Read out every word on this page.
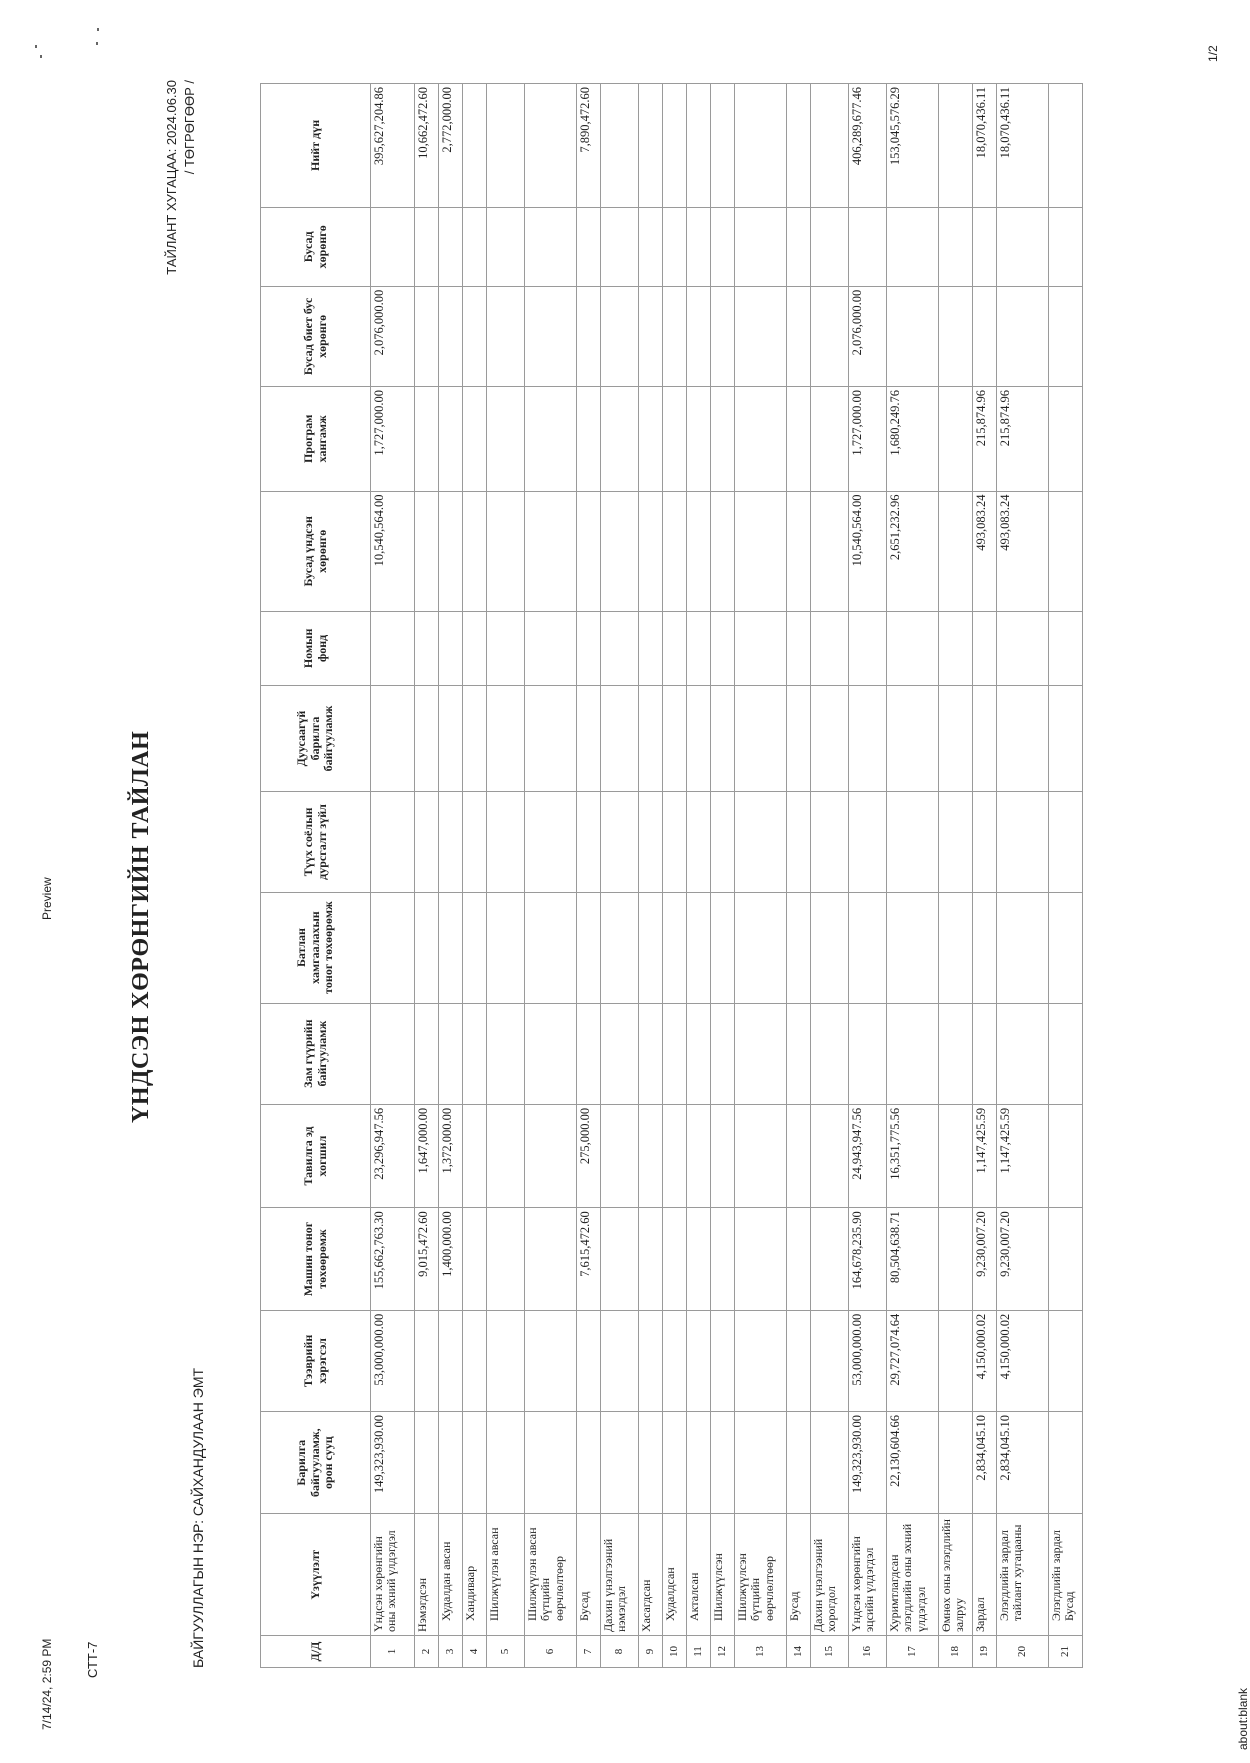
7/14/24, 2:59 PM
Preview
about:blank
1/2
СТТ-7
ҮНДСЭН ХӨРӨНГИЙН ТАЙЛАН
БАЙГУУЛЛАГЫН НЭР: САЙХАНДУЛААН ЭМТ
ТАЙЛАНТ ХУГАЦАА: 2024.06.30 / ТӨГРӨГӨӨР /
Д/Д	Үзүүлэлт	Барилга байгууламж, орон сууц	Тээврийн хэрэгсэл	Машин тоног төхөөрөмж	Тавилга эд хогшил	Зам гүүрийн байгууламж	Батлан хамгаалахын тоног төхөөрөмж	Түүх соёлын дурсгалт зүйл	Дуусаагүй барилга байгууламж	Номын фонд	Бусад үндсэн хөрөнгө	Програм хангамж	Бусад биет бус хөрөнгө	Бусад хөрөнгө	Нийт дүн
1	Үндсэн хөрөнгийн оны эхний үлдэгдэл	149,323,930.00	53,000,000.00	155,662,763.30	23,296,947.56						10,540,564.00	1,727,000.00	2,076,000.00		395,627,204.86
2	Нэмэгдсэн			9,015,472.60	1,647,000.00										10,662,472.60
3	Худалдан авсан			1,400,000.00	1,372,000.00										2,772,000.00
4	Хандиваар														
5	Шилжүүлэн авсан														
6	Шилжүүлэн авсан бүтцийн өөрчлөлтөөр														
7	Бусад			7,615,472.60	275,000.00										7,890,472.60
8	Дахин үнэлгээний нэмэгдэл														
9	Хасагдсан														
10	Худалдсан														
11	Акталсан														
12	Шилжүүлсэн														
13	Шилжүүлсэн бүтцийн өөрчлөлтөөр														
14	Бусад														
15	Дахин үнэлгээний хорогдол														
16	Үндсэн хөрөнгийн эцсийн үлдэгдэл	149,323,930.00	53,000,000.00	164,678,235.90	24,943,947.56						10,540,564.00	1,727,000.00	2,076,000.00		406,289,677.46
17	Хуримтлагдсан элэгдлийн оны эхний үлдэгдэл	22,130,604.66	29,727,074.64	80,504,638.71	16,351,775.56						2,651,232.96	1,680,249.76			153,045,576.29
18	Өмнөх оны элэгдлийн залруу														
19	Зардал	2,834,045.10	4,150,000.02	9,230,007.20	1,147,425.59						493,083.24	215,874.96			18,070,436.11
20	Элэгдлийн зардал тайлант хугацааны	2,834,045.10	4,150,000.02	9,230,007.20	1,147,425.59						493,083.24	215,874.96			18,070,436.11
21	Элэгдлийн зардал Бусад														
